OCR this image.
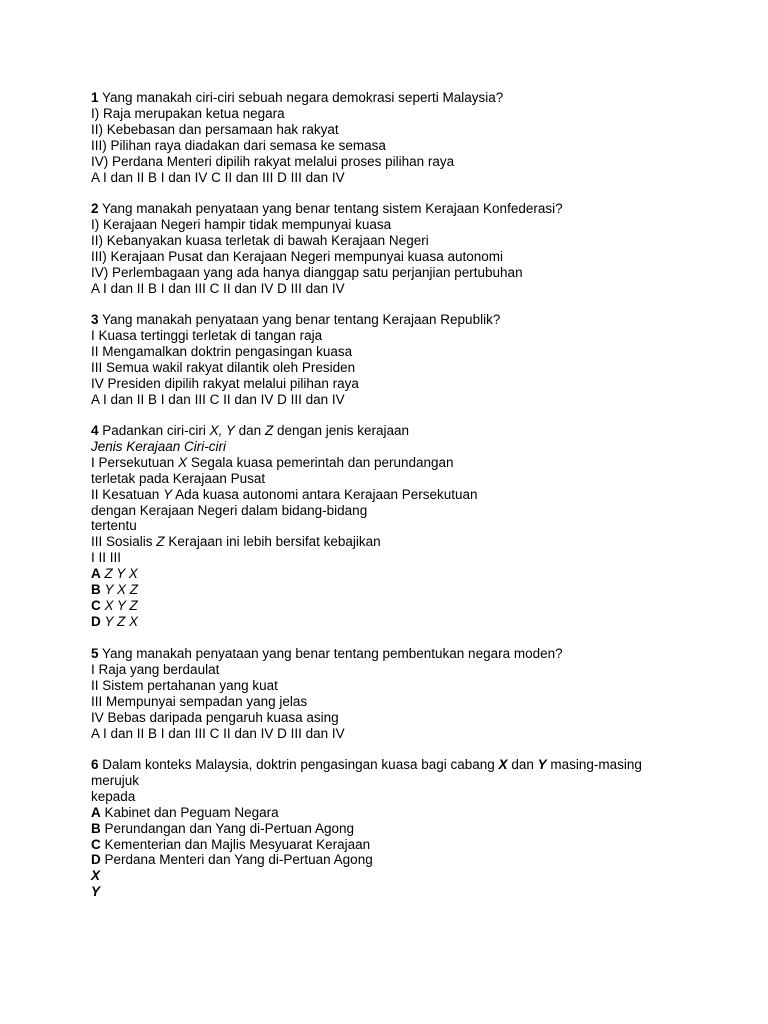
1 Yang manakah ciri-ciri sebuah negara demokrasi seperti Malaysia?
I) Raja merupakan ketua negara
II) Kebebasan dan persamaan hak rakyat
III) Pilihan raya diadakan dari semasa ke semasa
IV) Perdana Menteri dipilih rakyat melalui proses pilihan raya
A I dan II B I dan IV C II dan III D III dan IV
2 Yang manakah penyataan yang benar tentang sistem Kerajaan Konfederasi?
I) Kerajaan Negeri hampir tidak mempunyai kuasa
II) Kebanyakan kuasa terletak di bawah Kerajaan Negeri
III) Kerajaan Pusat dan Kerajaan Negeri mempunyai kuasa autonomi
IV) Perlembagaan yang ada hanya dianggap satu perjanjian pertubuhan
A I dan II B I dan III C II dan IV D III dan IV
3 Yang manakah penyataan yang benar tentang Kerajaan Republik?
I Kuasa tertinggi terletak di tangan raja
II Mengamalkan doktrin pengasingan kuasa
III Semua wakil rakyat dilantik oleh Presiden
IV Presiden dipilih rakyat melalui pilihan raya
A I dan II B I dan III C II dan IV D III dan IV
4 Padankan ciri-ciri X, Y dan Z dengan jenis kerajaan
Jenis Kerajaan Ciri-ciri
I Persekutuan X Segala kuasa pemerintah dan perundangan
terletak pada Kerajaan Pusat
II Kesatuan Y Ada kuasa autonomi antara Kerajaan Persekutuan
dengan Kerajaan Negeri dalam bidang-bidang
tertentu
III Sosialis Z Kerajaan ini lebih bersifat kebajikan
I II III
A Z Y X
B Y X Z
C X Y Z
D Y Z X
5 Yang manakah penyataan yang benar tentang pembentukan negara moden?
I Raja yang berdaulat
II Sistem pertahanan yang kuat
III Mempunyai sempadan yang jelas
IV Bebas daripada pengaruh kuasa asing
A I dan II B I dan III C II dan IV D III dan IV
6 Dalam konteks Malaysia, doktrin pengasingan kuasa bagi cabang X dan Y masing-masing
merujuk
kepada
A Kabinet dan Peguam Negara
B Perundangan dan Yang di-Pertuan Agong
C Kementerian dan Majlis Mesyuarat Kerajaan
D Perdana Menteri dan Yang di-Pertuan Agong
X
Y
